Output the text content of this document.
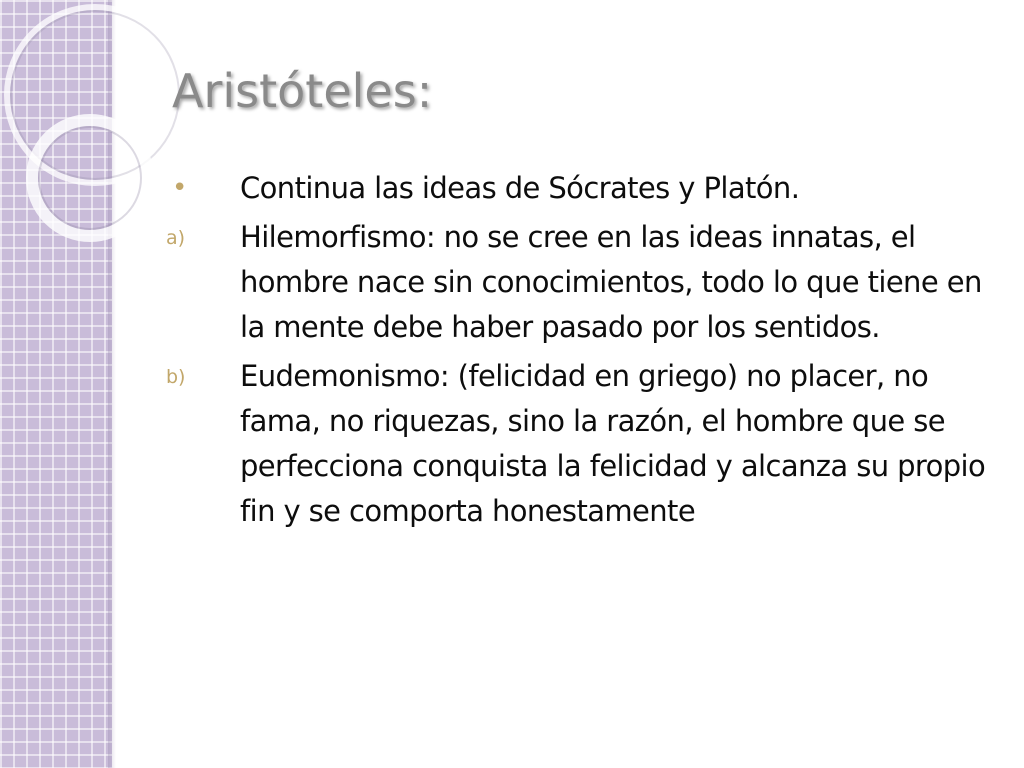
Aristóteles:
•	Continua las ideas de Sócrates y Platón.
a)	Hilemorfismo: no se cree en las ideas innatas, el hombre nace sin conocimientos, todo lo que tiene en la mente debe haber pasado por los sentidos.
b)	Eudemonismo: (felicidad en griego) no placer, no fama, no riquezas, sino la razón, el hombre que se perfecciona conquista la felicidad y alcanza su propio fin y se comporta honestamente
